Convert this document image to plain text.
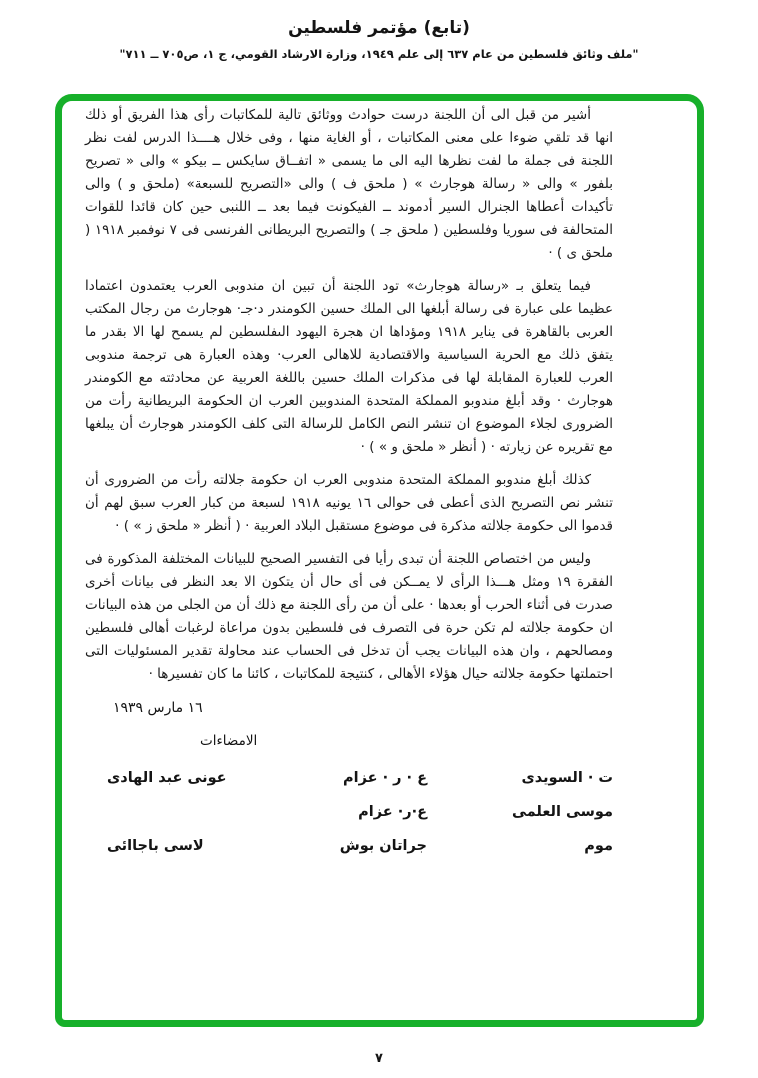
(تابع) مؤتمر فلسطين
"ملف وثائق فلسطين من عام ٦٣٧ إلى علم ١٩٤٩، وزارة الارشاد القومي، ج ١، ص٧٠٥ ــ ٧١١"

أشير من قبل الى أن اللجنة درست حوادث ووثائق تالية للمكاتبات رأى هذا الفريق أو ذلك انها قد تلقي ضوءا على معنى المكاتبات ، أو الغاية منها ، وفى خلال هــــذا الدرس لفت نظر اللجنة فى جملة ما لفت نظرها اليه الى ما يسمى « اتفــاق سايكس ــ بيكو » والى « تصريح بلفور » والى « رسالة هوجارث » ( ملحق ف ) والى «التصريح للسبعة» (ملحق و ) والى تأكيدات أعطاها الجنرال السير أدموند ــ الفيكونت فيما بعد ــ اللنبى حين كان قائدا للقوات المتحالفة فى سوريا وفلسطين ( ملحق جـ ) والتصريح البريطانى الفرنسى فى ٧ نوفمبر ١٩١٨ ( ملحق ى ) ·

فيما يتعلق بـ «رسالة هوجارث» تود اللجنة أن تبين ان مندوبى العرب يعتمدون اعتمادا عظيما على عبارة فى رسالة أبلغها الى الملك حسين الكومندر د·جـ· هوجارث من رجال المكتب العربى بالقاهرة فى يناير ١٩١٨ ومؤداها ان هجرة اليهود الىفلسطين لم يسمح لها الا بقدر ما يتفق ذلك مع الحرية السياسية والاقتصادية للاهالى العرب· وهذه العبارة هى ترجمة مندوبى العرب للعبارة المقابلة لها فى مذكرات الملك حسين باللغة العربية عن محادثته مع الكومندر هوجارث · وقد أبلغ مندوبو المملكة المتحدة المندوبين العرب ان الحكومة البريطانية رأت من الضرورى لجلاء الموضوع ان تنشر النص الكامل للرسالة التى كلف الكومندر هوجارث أن يبلغها مع تقريره عن زيارته · ( أنظر « ملحق و » ) ·

كذلك أبلغ مندوبو المملكة المتحدة مندوبى العرب ان حكومة جلالته رأت من الضرورى أن تنشر نص التصريح الذى أعطى فى حوالى ١٦ يونيه ١٩١٨ لسبعة من كبار العرب سبق لهم أن قدموا الى حكومة جلالته مذكرة فى موضوع مستقبل البلاد العربية · ( أنظر « ملحق ز » ) ·

وليس من اختصاص اللجنة أن تبدى رأيا فى التفسير الصحيح للبيانات المختلفة المذكورة فى الفقرة ١٩ ومثل هـــذا الرأى لا يمــكن فى أى حال أن يتكون الا بعد النظر فى بيانات أخرى صدرت فى أثناء الحرب أو بعدها · على أن من رأى اللجنة مع ذلك أن من الجلى من هذه البيانات ان حكومة جلالته لم تكن حرة فى التصرف فى فلسطين بدون مراعاة لرغبات أهالى فلسطين ومصالحهم ، وان هذه البيانات يجب أن تدخل فى الحساب عند محاولة تقدير المسئوليات التى احتملتها حكومة جلالته حيال هؤلاء الأهالى ، كنتيجة للمكاتبات ، كائنا ما كان تفسيرها ·

١٦ مارس ١٩٣٩
الامضاءات
ت · السويدى
ع · ر · عزام
عونى عبد الهادى
موسى العلمى
ع·ر· عزام
موم
جراتان بوش
لاسى باجاائى
٧
